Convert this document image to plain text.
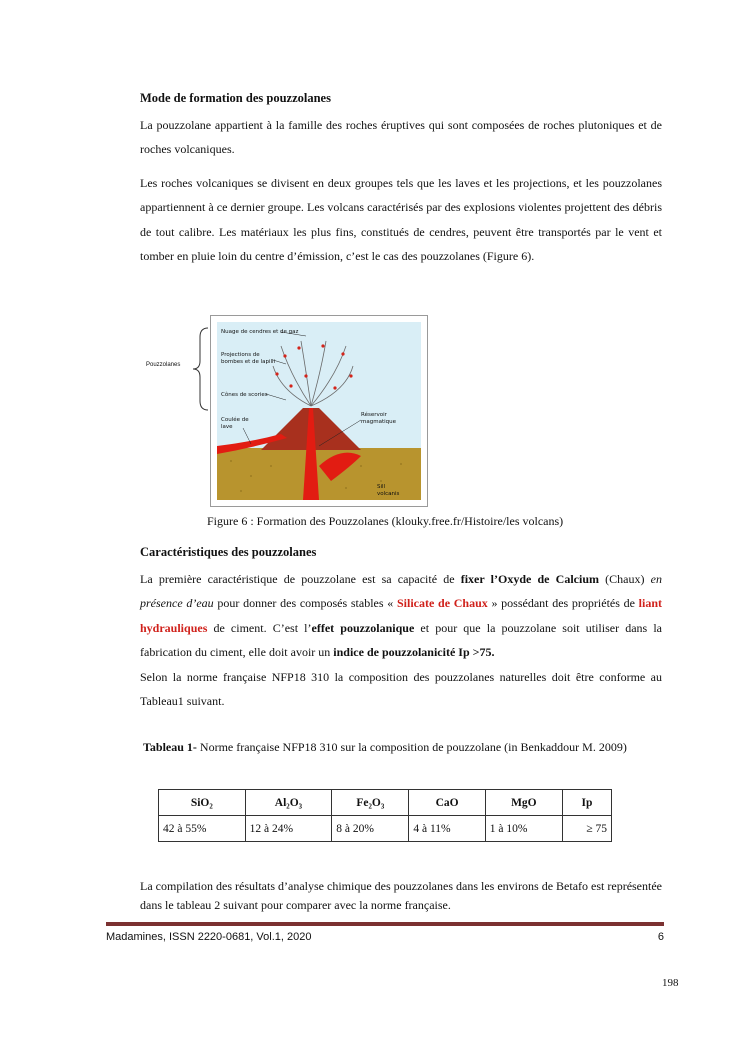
Mode de formation des pouzzolanes
La pouzzolane appartient à la famille des roches éruptives qui sont composées de roches plutoniques et de roches volcaniques.
Les roches volcaniques se divisent en deux groupes tels que les laves et les projections, et les pouzzolanes appartiennent à ce dernier groupe. Les volcans caractérisés par des explosions violentes projettent des débris de tout calibre. Les matériaux les plus fins, constitués de cendres, peuvent être transportés par le vent et tomber en pluie loin du centre d’émission, c’est le cas des pouzzolanes (Figure 6).
Pouzzolanes
Nuage de cendres et de gaz
Projections de
bombes et de lapilli
Cônes de scories
Coulée de
lave
Réservoir
magmatique
Sill
volcanis
Figure 6 : Formation des Pouzzolanes (klouky.free.fr/Histoire/les volcans)
Caractéristiques des pouzzolanes
La première caractéristique de pouzzolane est sa capacité de fixer l’Oxyde de Calcium (Chaux) en présence d’eau pour donner des composés stables « Silicate de Chaux » possédant des propriétés de liant hydrauliques de ciment. C’est l’effet pouzzolanique et pour que la pouzzolane soit utiliser dans la fabrication du ciment, elle doit avoir un indice de pouzzolanicité Ip >75.
Selon la norme française NFP18 310 la composition des pouzzolanes naturelles doit être conforme au Tableau1 suivant.
Tableau 1- Norme française NFP18 310 sur la composition de pouzzolane (in Benkaddour M. 2009)
SiO₂	Al₂O₃	Fe₂O₃	CaO	MgO	Ip
42 à 55%	12 à 24%	8 à 20%	4 à 11%	1 à 10%	≥ 75
La compilation des résultats d’analyse chimique des pouzzolanes dans les environs de Betafo est représentée dans le tableau 2 suivant pour comparer avec la norme française.
Madamines, ISSN 2220-0681, Vol.1, 2020	6
198
